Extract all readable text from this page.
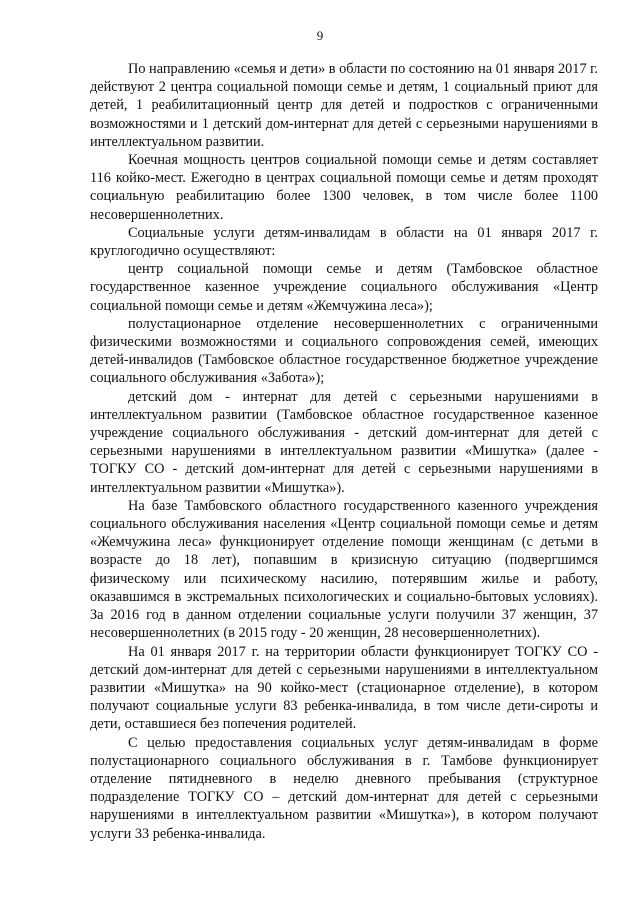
9

По направлению «семья и дети» в области по состоянию на 01 января 2017 г. действуют 2 центра социальной помощи семье и детям, 1 социальный приют для детей, 1 реабилитационный центр для детей и подростков с ограниченными возможностями и 1 детский дом-интернат для детей с серьезными нарушениями в интеллектуальном развитии.

Коечная мощность центров социальной помощи семье и детям составляет 116 койко-мест. Ежегодно в центрах социальной помощи семье и детям проходят социальную реабилитацию более 1300 человек, в том числе более 1100 несовершеннолетних.

Социальные услуги детям-инвалидам в области на 01 января 2017 г. круглогодично осуществляют:

центр социальной помощи семье и детям (Тамбовское областное государственное казенное учреждение социального обслуживания «Центр социальной помощи семье и детям «Жемчужина леса»);

полустационарное отделение несовершеннолетних с ограниченными физическими возможностями и социального сопровождения семей, имеющих детей-инвалидов (Тамбовское областное государственное бюджетное учреждение социального обслуживания «Забота»);

детский дом - интернат для детей с серьезными нарушениями в интеллектуальном развитии (Тамбовское областное государственное казенное учреждение социального обслуживания - детский дом-интернат для детей с серьезными нарушениями в интеллектуальном развитии «Мишутка» (далее - ТОГКУ СО - детский дом-интернат для детей с серьезными нарушениями в интеллектуальном развитии «Мишутка»).

На базе Тамбовского областного государственного казенного учреждения социального обслуживания населения «Центр социальной помощи семье и детям «Жемчужина леса» функционирует отделение помощи женщинам (с детьми в возрасте до 18 лет), попавшим в кризисную ситуацию (подвергшимся физическому или психическому насилию, потерявшим жилье и работу, оказавшимся в экстремальных психологических и социально-бытовых условиях). За 2016 год в данном отделении социальные услуги получили 37 женщин, 37 несовершеннолетних (в 2015 году - 20 женщин, 28 несовершеннолетних).

На 01 января 2017 г. на территории области функционирует ТОГКУ СО - детский дом-интернат для детей с серьезными нарушениями в интеллектуальном развитии «Мишутка» на 90 койко-мест (стационарное отделение), в котором получают социальные услуги 83 ребенка-инвалида, в том числе дети-сироты и дети, оставшиеся без попечения родителей.

С целью предоставления социальных услуг детям-инвалидам в форме полустационарного социального обслуживания в г. Тамбове функционирует отделение пятидневного в неделю дневного пребывания (структурное подразделение ТОГКУ СО – детский дом-интернат для детей с серьезными нарушениями в интеллектуальном развитии «Мишутка»), в котором получают услуги 33 ребенка-инвалида.
